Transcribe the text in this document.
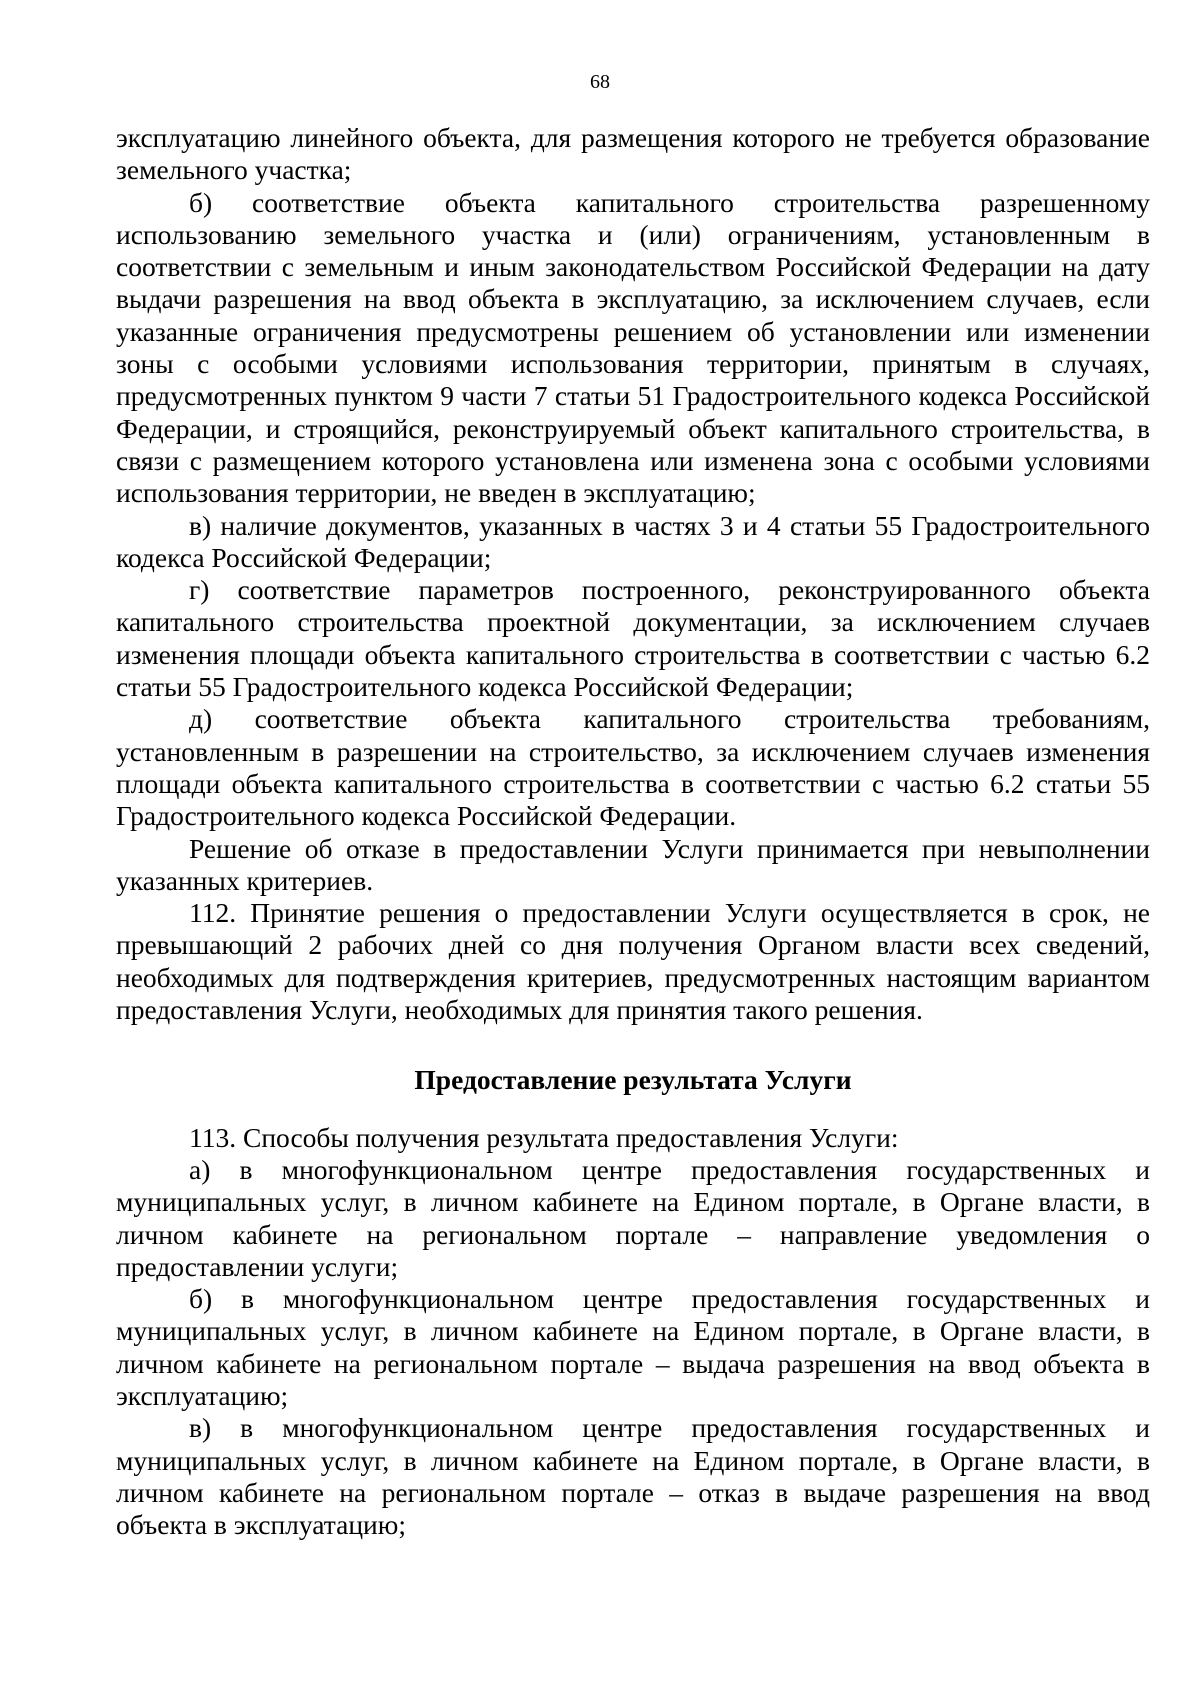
68

эксплуатацию линейного объекта, для размещения которого не требуется образование земельного участка;

б) соответствие объекта капитального строительства разрешенному использованию земельного участка и (или) ограничениям, установленным в соответствии с земельным и иным законодательством Российской Федерации на дату выдачи разрешения на ввод объекта в эксплуатацию, за исключением случаев, если указанные ограничения предусмотрены решением об установлении или изменении зоны с особыми условиями использования территории, принятым в случаях, предусмотренных пунктом 9 части 7 статьи 51 Градостроительного кодекса Российской Федерации, и строящийся, реконструируемый объект капитального строительства, в связи с размещением которого установлена или изменена зона с особыми условиями использования территории, не введен в эксплуатацию;

в) наличие документов, указанных в частях 3 и 4 статьи 55 Градостроительного кодекса Российской Федерации;

г) соответствие параметров построенного, реконструированного объекта капитального строительства проектной документации, за исключением случаев изменения площади объекта капитального строительства в соответствии с частью 6.2 статьи 55 Градостроительного кодекса Российской Федерации;

д) соответствие объекта капитального строительства требованиям, установленным в разрешении на строительство, за исключением случаев изменения площади объекта капитального строительства в соответствии с частью 6.2 статьи 55 Градостроительного кодекса Российской Федерации.

Решение об отказе в предоставлении Услуги принимается при невыполнении указанных критериев.

112. Принятие решения о предоставлении Услуги осуществляется в срок, не превышающий 2 рабочих дней со дня получения Органом власти всех сведений, необходимых для подтверждения критериев, предусмотренных настоящим вариантом предоставления Услуги, необходимых для принятия такого решения.

Предоставление результата Услуги

113. Способы получения результата предоставления Услуги:

а) в многофункциональном центре предоставления государственных и муниципальных услуг, в личном кабинете на Едином портале, в Органе власти, в личном кабинете на региональном портале – направление уведомления о предоставлении услуги;

б) в многофункциональном центре предоставления государственных и муниципальных услуг, в личном кабинете на Едином портале, в Органе власти, в личном кабинете на региональном портале – выдача разрешения на ввод объекта в эксплуатацию;

в) в многофункциональном центре предоставления государственных и муниципальных услуг, в личном кабинете на Едином портале, в Органе власти, в личном кабинете на региональном портале – отказ в выдаче разрешения на ввод объекта в эксплуатацию;
